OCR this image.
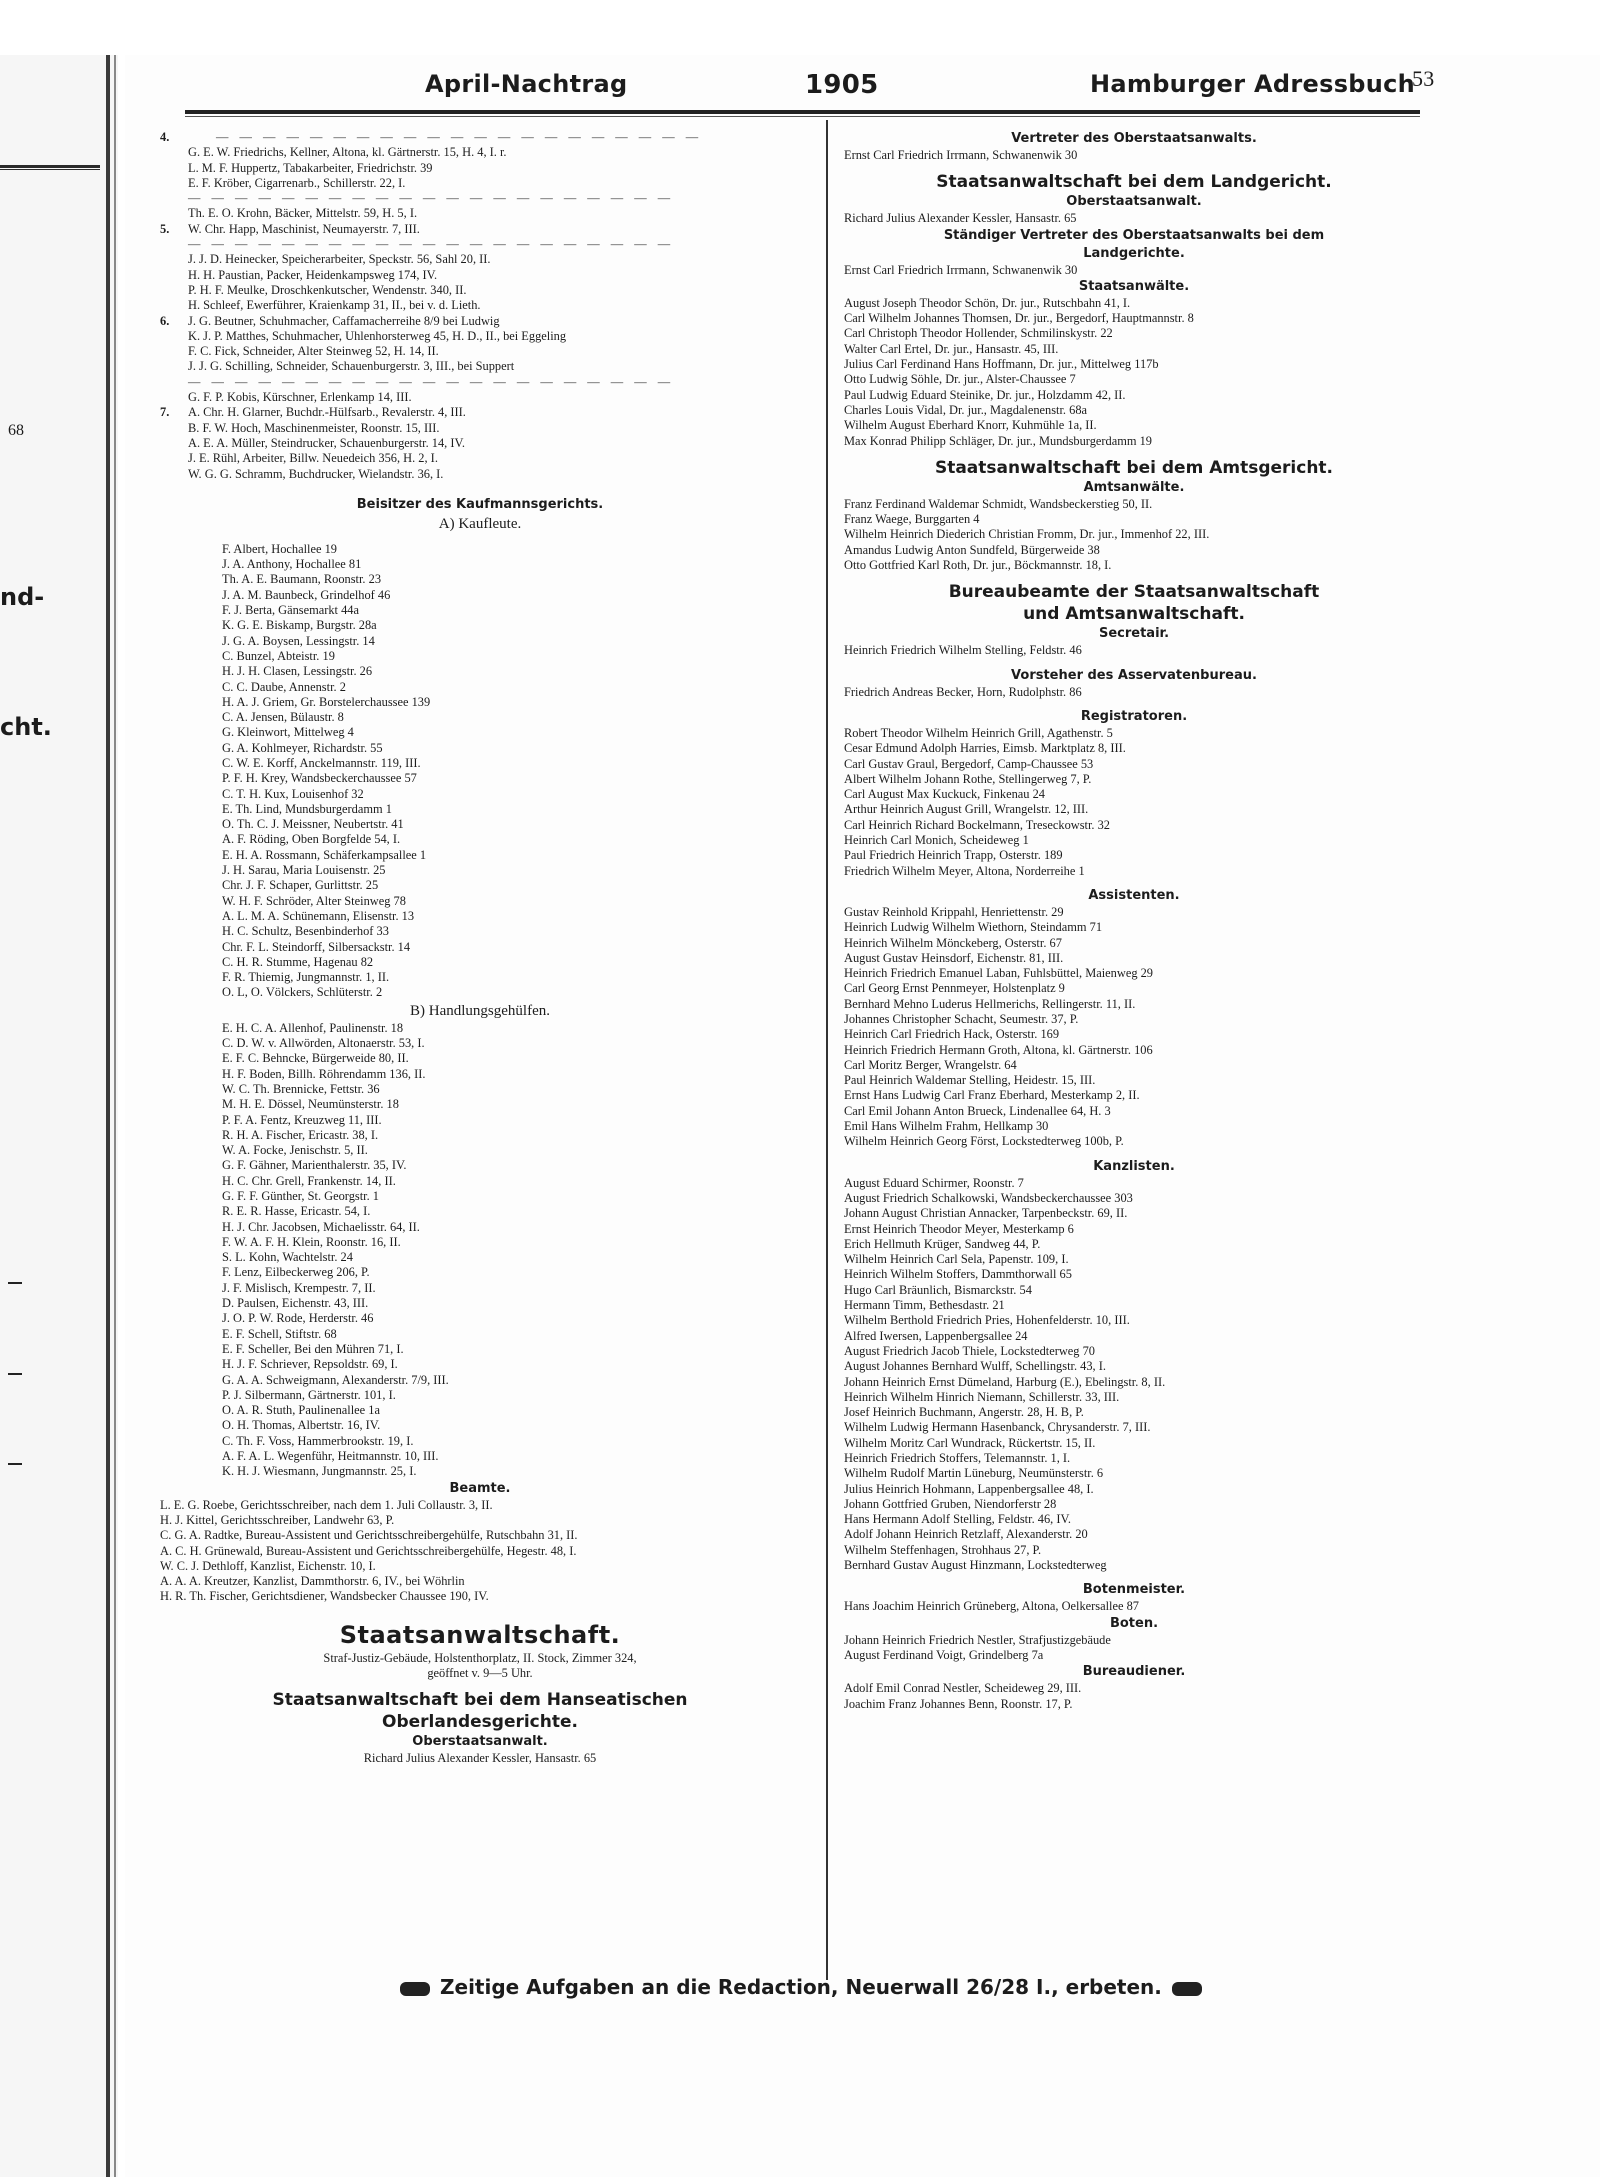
68
nd-
cht.
April-Nachtrag	1905	Hamburger Adressbuch
53
4.	— — — — — — — — — — — — — — — — — — — — —
G. E. W. Friedrichs, Kellner, Altona, kl. Gärtnerstr. 15, H. 4, I. r.
L. M. F. Huppertz, Tabakarbeiter, Friedrichstr. 39
E. F. Kröber, Cigarrenarb., Schillerstr. 22, I.
— — — — — — — — — — — — — — — — — — — — —
Th. E. O. Krohn, Bäcker, Mittelstr. 59, H. 5, I.
5. W. Chr. Happ, Maschinist, Neumayerstr. 7, III.
— — — — — — — — — — — — — — — — — — — — —
J. J. D. Heinecker, Speicherarbeiter, Speckstr. 56, Sahl 20, II.
H. H. Paustian, Packer, Heidenkampsweg 174, IV.
P. H. F. Meulke, Droschkenkutscher, Wendenstr. 340, II.
H. Schleef, Ewerführer, Kraienkamp 31, II., bei v. d. Lieth.
6. J. G. Beutner, Schuhmacher, Caffamacherreihe 8/9 bei Ludwig
K. J. P. Matthes, Schuhmacher, Uhlenhorsterweg 45, H. D., II., bei Eggeling
F. C. Fick, Schneider, Alter Steinweg 52, H. 14, II.
J. J. G. Schilling, Schneider, Schauenburgerstr. 3, III., bei Suppert
— — — — — — — — — — — — — — — — — — — — —
G. F. P. Kobis, Kürschner, Erlenkamp 14, III.
7. A. Chr. H. Glarner, Buchdr.-Hülfsarb., Revalerstr. 4, III.
B. F. W. Hoch, Maschinenmeister, Roonstr. 15, III.
A. E. A. Müller, Steindrucker, Schauenburgerstr. 14, IV.
J. E. Rühl, Arbeiter, Billw. Neuedeich 356, H. 2, I.
W. G. G. Schramm, Buchdrucker, Wielandstr. 36, I.
Beisitzer des Kaufmannsgerichts.
A) Kaufleute.
F. Albert, Hochallee 19
J. A. Anthony, Hochallee 81
Th. A. E. Baumann, Roonstr. 23
J. A. M. Baunbeck, Grindelhof 46
F. J. Berta, Gänsemarkt 44a
K. G. E. Biskamp, Burgstr. 28a
J. G. A. Boysen, Lessingstr. 14
C. Bunzel, Abteistr. 19
H. J. H. Clasen, Lessingstr. 26
C. C. Daube, Annenstr. 2
H. A. J. Griem, Gr. Borstelerchaussee 139
C. A. Jensen, Bülaustr. 8
G. Kleinwort, Mittelweg 4
G. A. Kohlmeyer, Richardstr. 55
C. W. E. Korff, Anckelmannstr. 119, III.
P. F. H. Krey, Wandsbeckerchaussee 57
C. T. H. Kux, Louisenhof 32
E. Th. Lind, Mundsburgerdamm 1
O. Th. C. J. Meissner, Neubertstr. 41
A. F. Röding, Oben Borgfelde 54, I.
E. H. A. Rossmann, Schäferkampsallee 1
J. H. Sarau, Maria Louisenstr. 25
Chr. J. F. Schaper, Gurlittstr. 25
W. H. F. Schröder, Alter Steinweg 78
A. L. M. A. Schünemann, Elisenstr. 13
H. C. Schultz, Besenbinderhof 33
Chr. F. L. Steindorff, Silbersackstr. 14
C. H. R. Stumme, Hagenau 82
F. R. Thiemig, Jungmannstr. 1, II.
O. L, O. Völckers, Schlüterstr. 2
B) Handlungsgehülfen.
E. H. C. A. Allenhof, Paulinenstr. 18
C. D. W. v. Allwörden, Altonaerstr. 53, I.
E. F. C. Behncke, Bürgerweide 80, II.
H. F. Boden, Billh. Röhrendamm 136, II.
W. C. Th. Brennicke, Fettstr. 36
M. H. E. Dössel, Neumünsterstr. 18
P. F. A. Fentz, Kreuzweg 11, III.
R. H. A. Fischer, Ericastr. 38, I.
W. A. Focke, Jenischstr. 5, II.
G. F. Gähner, Marienthalerstr. 35, IV.
H. C. Chr. Grell, Frankenstr. 14, II.
G. F. F. Günther, St. Georgstr. 1
R. E. R. Hasse, Ericastr. 54, I.
H. J. Chr. Jacobsen, Michaelisstr. 64, II.
F. W. A. F. H. Klein, Roonstr. 16, II.
S. L. Kohn, Wachtelstr. 24
F. Lenz, Eilbeckerweg 206, P.
J. F. Mislisch, Krempestr. 7, II.
D. Paulsen, Eichenstr. 43, III.
J. O. P. W. Rode, Herderstr. 46
E. F. Schell, Stiftstr. 68
E. F. Scheller, Bei den Mühren 71, I.
H. J. F. Schriever, Repsoldstr. 69, I.
G. A. A. Schweigmann, Alexanderstr. 7/9, III.
P. J. Silbermann, Gärtnerstr. 101, I.
O. A. R. Stuth, Paulinenallee 1a
O. H. Thomas, Albertstr. 16, IV.
C. Th. F. Voss, Hammerbrookstr. 19, I.
A. F. A. L. Wegenführ, Heitmannstr. 10, III.
K. H. J. Wiesmann, Jungmannstr. 25, I.
Beamte.
L. E. G. Roebe, Gerichtsschreiber, nach dem 1. Juli Collaustr. 3, II.
H. J. Kittel, Gerichtsschreiber, Landwehr 63, P.
C. G. A. Radtke, Bureau-Assistent und Gerichtsschreibergehülfe, Rutschbahn 31, II.
A. C. H. Grünewald, Bureau-Assistent und Gerichtsschreibergehülfe, Hegestr. 48, I.
W. C. J. Dethloff, Kanzlist, Eichenstr. 10, I.
A. A. A. Kreutzer, Kanzlist, Dammthorstr. 6, IV., bei Wöhrlin
H. R. Th. Fischer, Gerichtsdiener, Wandsbecker Chaussee 190, IV.
Staatsanwaltschaft.
Straf-Justiz-Gebäude, Holstenthorplatz, II. Stock, Zimmer 324,
geöffnet v. 9—5 Uhr.
Staatsanwaltschaft bei dem Hanseatischen
Oberlandesgerichte.
Oberstaatsanwalt.
Richard Julius Alexander Kessler, Hansastr. 65
Vertreter des Oberstaatsanwalts.
Ernst Carl Friedrich Irrmann, Schwanenwik 30
Staatsanwaltschaft bei dem Landgericht.
Oberstaatsanwalt.
Richard Julius Alexander Kessler, Hansastr. 65
Ständiger Vertreter des Oberstaatsanwalts bei dem
Landgerichte.
Ernst Carl Friedrich Irrmann, Schwanenwik 30
Staatsanwälte.
August Joseph Theodor Schön, Dr. jur., Rutschbahn 41, I.
Carl Wilhelm Johannes Thomsen, Dr. jur., Bergedorf, Hauptmannstr. 8
Carl Christoph Theodor Hollender, Schmilinskystr. 22
Walter Carl Ertel, Dr. jur., Hansastr. 45, III.
Julius Carl Ferdinand Hans Hoffmann, Dr. jur., Mittelweg 117b
Otto Ludwig Söhle, Dr. jur., Alster-Chaussee 7
Paul Ludwig Eduard Steinike, Dr. jur., Holzdamm 42, II.
Charles Louis Vidal, Dr. jur., Magdalenenstr. 68a
Wilhelm August Eberhard Knorr, Kuhmühle 1a, II.
Max Konrad Philipp Schläger, Dr. jur., Mundsburgerdamm 19
Staatsanwaltschaft bei dem Amtsgericht.
Amtsanwälte.
Franz Ferdinand Waldemar Schmidt, Wandsbeckerstieg 50, II.
Franz Waege, Burggarten 4
Wilhelm Heinrich Diederich Christian Fromm, Dr. jur., Immenhof 22, III.
Amandus Ludwig Anton Sundfeld, Bürgerweide 38
Otto Gottfried Karl Roth, Dr. jur., Böckmannstr. 18, I.
Bureaubeamte der Staatsanwaltschaft
und Amtsanwaltschaft.
Secretair.
Heinrich Friedrich Wilhelm Stelling, Feldstr. 46
Vorsteher des Asservatenbureau.
Friedrich Andreas Becker, Horn, Rudolphstr. 86
Registratoren.
Robert Theodor Wilhelm Heinrich Grill, Agathenstr. 5
Cesar Edmund Adolph Harries, Eimsb. Marktplatz 8, III.
Carl Gustav Graul, Bergedorf, Camp-Chaussee 53
Albert Wilhelm Johann Rothe, Stellingerweg 7, P.
Carl August Max Kuckuck, Finkenau 24
Arthur Heinrich August Grill, Wrangelstr. 12, III.
Carl Heinrich Richard Bockelmann, Treseckowstr. 32
Heinrich Carl Monich, Scheideweg 1
Paul Friedrich Heinrich Trapp, Osterstr. 189
Friedrich Wilhelm Meyer, Altona, Norderreihe 1
Assistenten.
Gustav Reinhold Krippahl, Henriettenstr. 29
Heinrich Ludwig Wilhelm Wiethorn, Steindamm 71
Heinrich Wilhelm Mönckeberg, Osterstr. 67
August Gustav Heinsdorf, Eichenstr. 81, III.
Heinrich Friedrich Emanuel Laban, Fuhlsbüttel, Maienweg 29
Carl Georg Ernst Pennmeyer, Holstenplatz 9
Bernhard Mehno Luderus Hellmerichs, Rellingerstr. 11, II.
Johannes Christopher Schacht, Seumestr. 37, P.
Heinrich Carl Friedrich Hack, Osterstr. 169
Heinrich Friedrich Hermann Groth, Altona, kl. Gärtnerstr. 106
Carl Moritz Berger, Wrangelstr. 64
Paul Heinrich Waldemar Stelling, Heidestr. 15, III.
Ernst Hans Ludwig Carl Franz Eberhard, Mesterkamp 2, II.
Carl Emil Johann Anton Brueck, Lindenallee 64, H. 3
Emil Hans Wilhelm Frahm, Hellkamp 30
Wilhelm Heinrich Georg Först, Lockstedterweg 100b, P.
Kanzlisten.
August Eduard Schirmer, Roonstr. 7
August Friedrich Schalkowski, Wandsbeckerchaussee 303
Johann August Christian Annacker, Tarpenbeckstr. 69, II.
Ernst Heinrich Theodor Meyer, Mesterkamp 6
Erich Hellmuth Krüger, Sandweg 44, P.
Wilhelm Heinrich Carl Sela, Papenstr. 109, I.
Heinrich Wilhelm Stoffers, Dammthorwall 65
Hugo Carl Bräunlich, Bismarckstr. 54
Hermann Timm, Bethesdastr. 21
Wilhelm Berthold Friedrich Pries, Hohenfelderstr. 10, III.
Alfred Iwersen, Lappenbergsallee 24
August Friedrich Jacob Thiele, Lockstedterweg 70
August Johannes Bernhard Wulff, Schellingstr. 43, I.
Johann Heinrich Ernst Dümeland, Harburg (E.), Ebelingstr. 8, II.
Heinrich Wilhelm Hinrich Niemann, Schillerstr. 33, III.
Josef Heinrich Buchmann, Angerstr. 28, H. B, P.
Wilhelm Ludwig Hermann Hasenbanck, Chrysanderstr. 7, III.
Wilhelm Moritz Carl Wundrack, Rückertstr. 15, II.
Heinrich Friedrich Stoffers, Telemannstr. 1, I.
Wilhelm Rudolf Martin Lüneburg, Neumünsterstr. 6
Julius Heinrich Hohmann, Lappenbergsallee 48, I.
Johann Gottfried Gruben, Niendorferstr 28
Hans Hermann Adolf Stelling, Feldstr. 46, IV.
Adolf Johann Heinrich Retzlaff, Alexanderstr. 20
Wilhelm Steffenhagen, Strohhaus 27, P.
Bernhard Gustav August Hinzmann, Lockstedterweg
Botenmeister.
Hans Joachim Heinrich Grüneberg, Altona, Oelkersallee 87
Boten.
Johann Heinrich Friedrich Nestler, Strafjustizgebäude
August Ferdinand Voigt, Grindelberg 7a
Bureaudiener.
Adolf Emil Conrad Nestler, Scheideweg 29, III.
Joachim Franz Johannes Benn, Roonstr. 17, P.
Zeitige Aufgaben an die Redaction, Neuerwall 26/28 I., erbeten.
